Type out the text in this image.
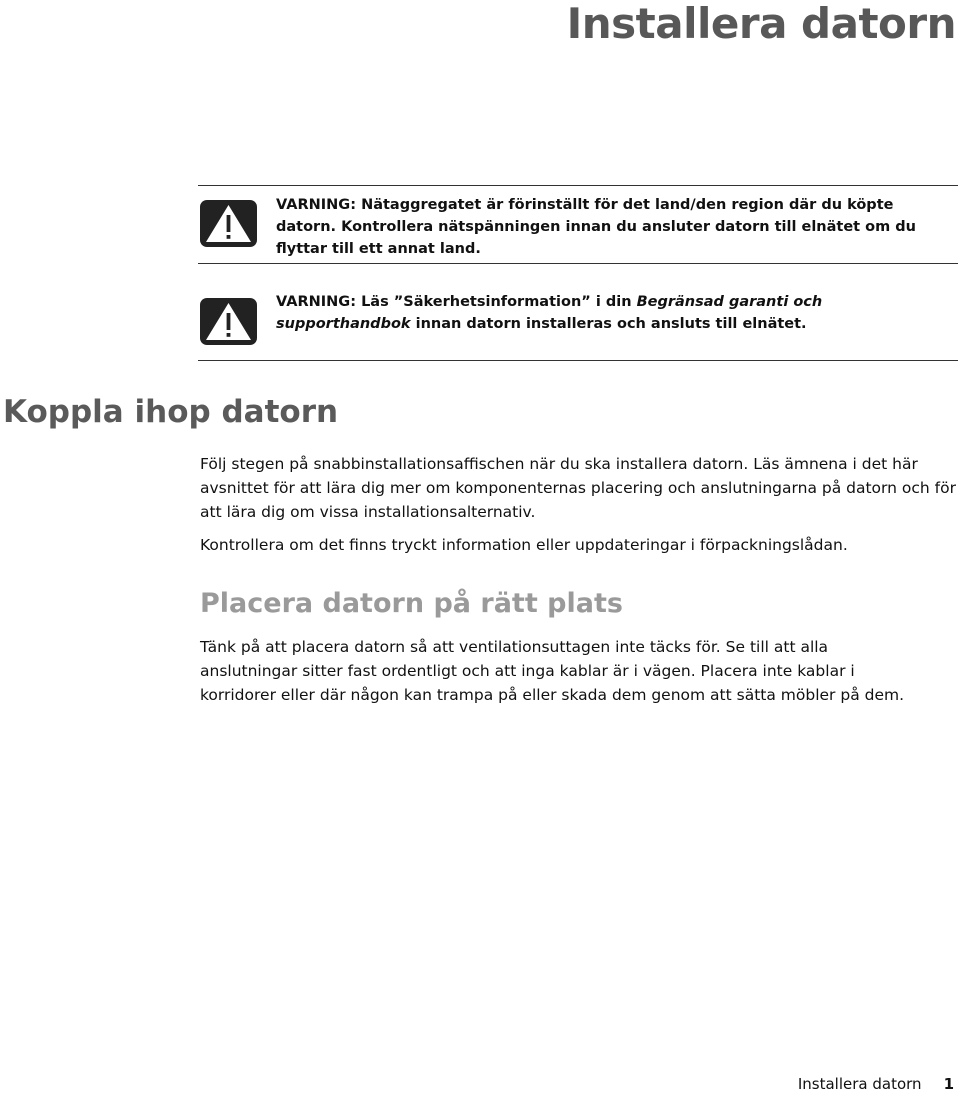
Installera datorn
VARNING: Nätaggregatet är förinställt för det land/den region där du köpte datorn. Kontrollera nätspänningen innan du ansluter datorn till elnätet om du flyttar till ett annat land.
VARNING: Läs ”Säkerhetsinformation” i din Begränsad garanti och supporthandbok innan datorn installeras och ansluts till elnätet.
Koppla ihop datorn

Följ stegen på snabbinstallationsaffischen när du ska installera datorn. Läs ämnena i det här avsnittet för att lära dig mer om komponenternas placering och anslutningarna på datorn och för att lära dig om vissa installationsalternativ.

Kontrollera om det finns tryckt information eller uppdateringar i förpackningslådan.

Placera datorn på rätt plats

Tänk på att placera datorn så att ventilationsuttagen inte täcks för. Se till att alla anslutningar sitter fast ordentligt och att inga kablar är i vägen. Placera inte kablar i korridorer eller där någon kan trampa på eller skada dem genom att sätta möbler på dem.

Installera datorn 1
